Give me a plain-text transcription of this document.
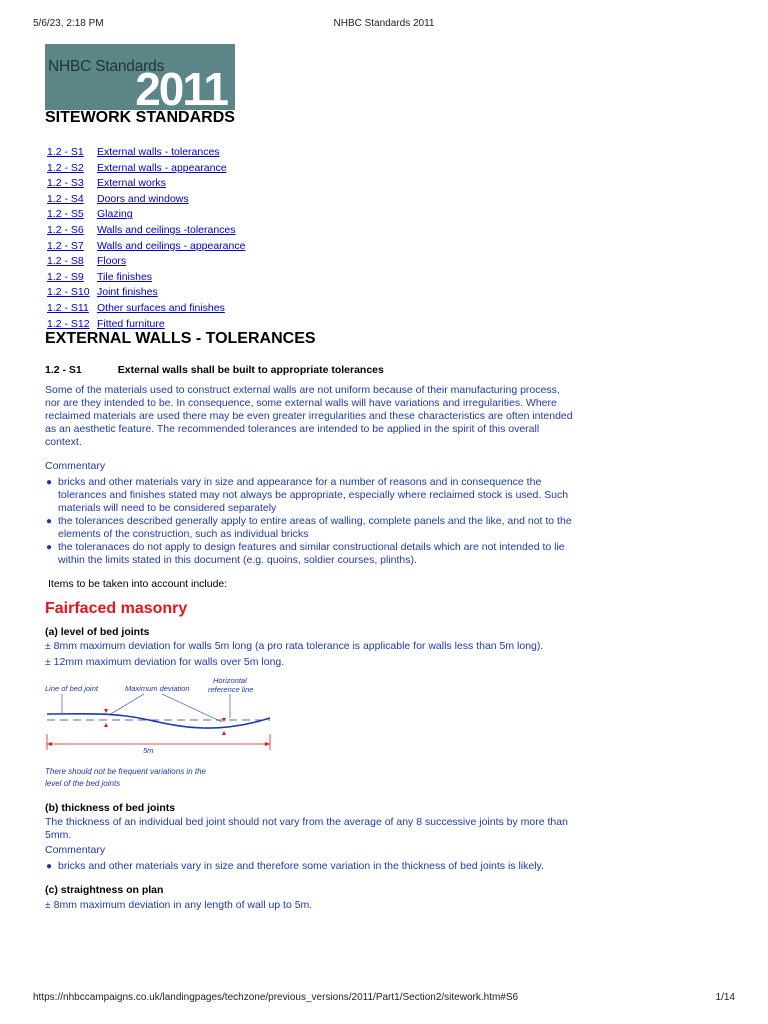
5/6/23, 2:18 PM	NHBC Standards 2011
NHBC Standards
2011
SITEWORK STANDARDS
1.2 - S1	External walls - tolerances
1.2 - S2	External walls - appearance
1.2 - S3	External works
1.2 - S4	Doors and windows
1.2 - S5	Glazing
1.2 - S6	Walls and ceilings -tolerances
1.2 - S7	Walls and ceilings - appearance
1.2 - S8	Floors
1.2 - S9	Tile finishes
1.2 - S10 Joint finishes
1.2 - S11 Other surfaces and finishes
1.2 - S12 Fitted furniture
EXTERNAL WALLS - TOLERANCES
1.2 - S1	External walls shall be built to appropriate tolerances
Some of the materials used to construct external walls are not uniform because of their manufacturing process, nor are they intended to be. In consequence, some external walls will have variations and irregularities. Where reclaimed materials are used there may be even greater irregularities and these characteristics are often intended as an aesthetic feature. The recommended tolerances are intended to be applied in the spirit of this overall context.
Commentary
● bricks and other materials vary in size and appearance for a number of reasons and in consequence the tolerances and finishes stated may not always be appropriate, especially where reclaimed stock is used. Such materials will need to be considered separately
● the tolerances described generally apply to entire areas of walling, complete panels and the like, and not to the elements of the construction, such as individual bricks
● the toleranaces do not apply to design features and similar constructional details which are not intended to lie within the limits stated in this document (e.g. quoins, soldier courses, plinths).
Items to be taken into account include:
Fairfaced masonry
(a) level of bed joints
± 8mm maximum deviation for walls 5m long (a pro rata tolerance is applicable for walls less than 5m long).
± 12mm maximum deviation for walls over 5m long.
Line of bed joint	Maximum deviation
Horizontal
reference line
5m
There should not be frequent variations in the
level of the bed joints
(b) thickness of bed joints
The thickness of an individual bed joint should not vary from the average of any 8 successive joints by more than 5mm.
Commentary
● bricks and other materials vary in size and therefore some variation in the thickness of bed joints is likely.
(c) straightness on plan
± 8mm maximum deviation in any length of wall up to 5m.
https://nhbccampaigns.co.uk/landingpages/techzone/previous_versions/2011/Part1/Section2/sitework.htm#S6	1/14
